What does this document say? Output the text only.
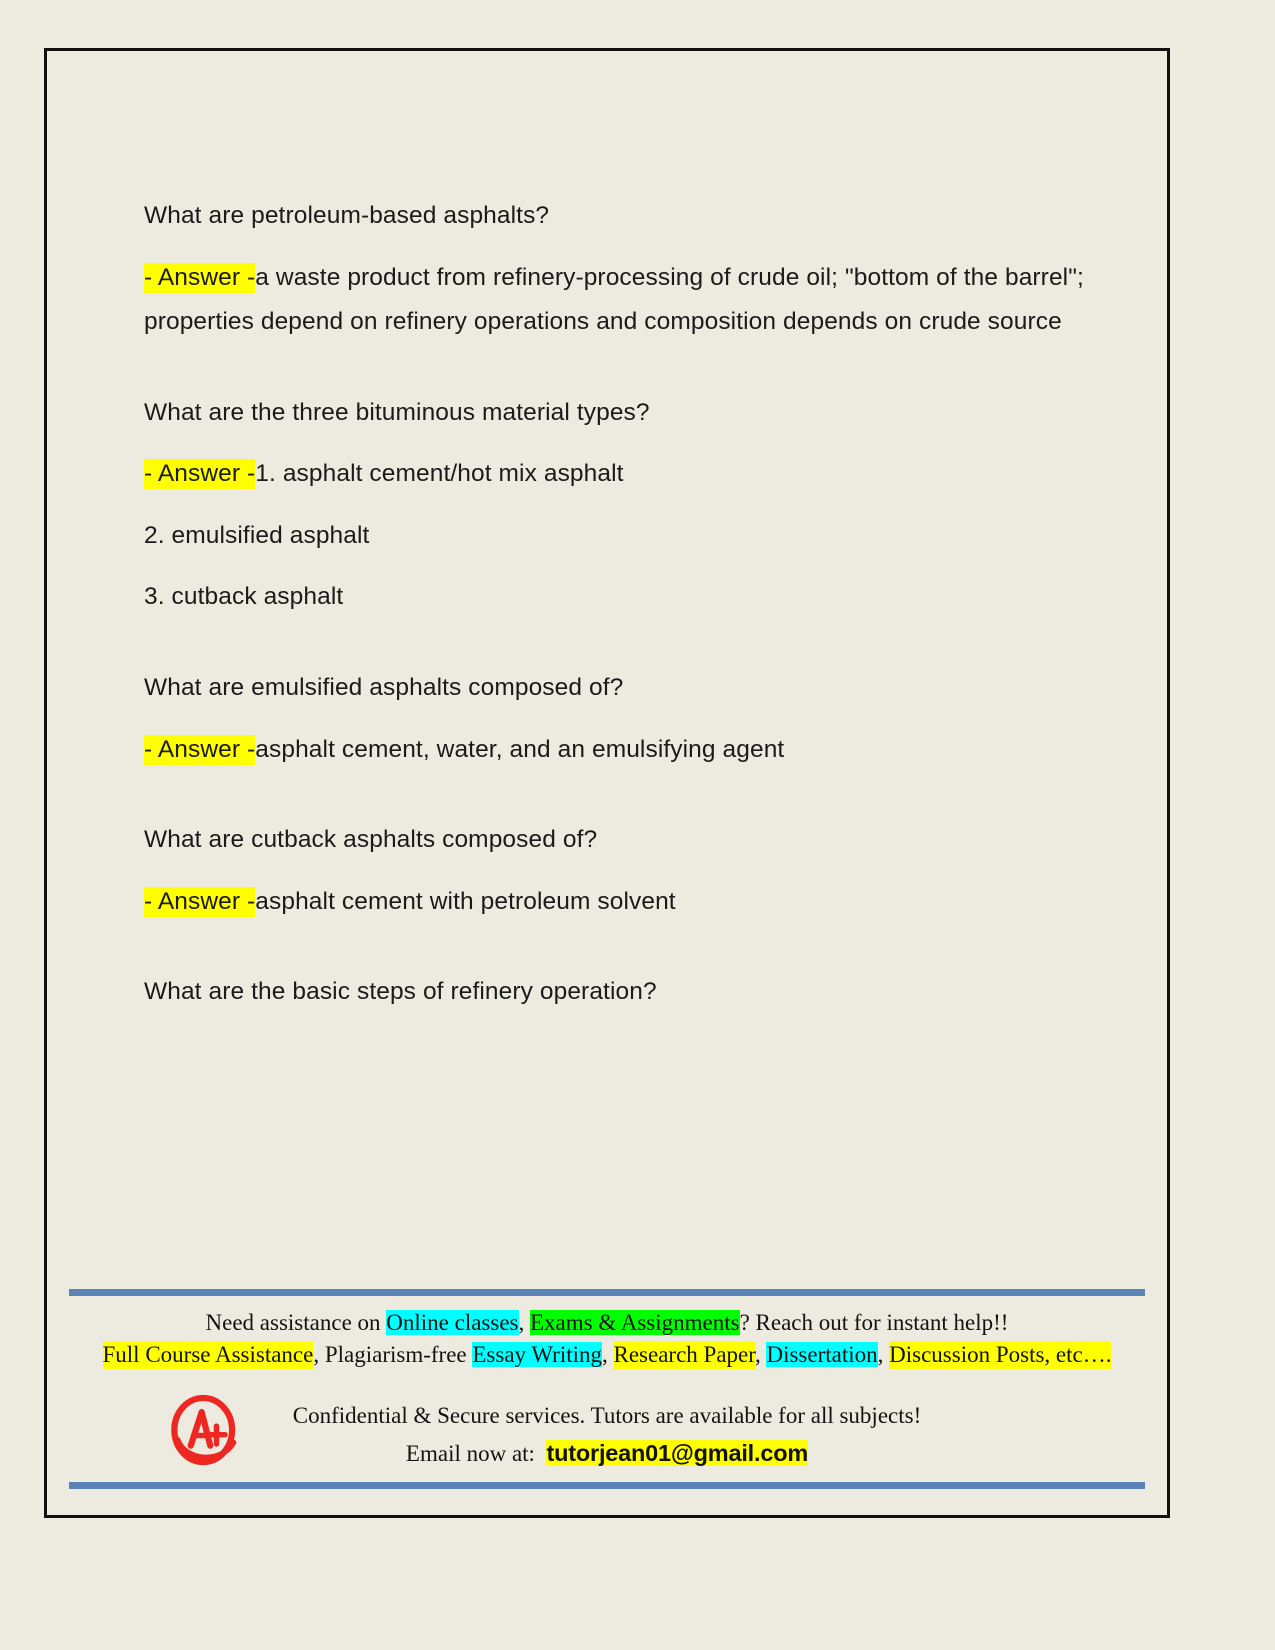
What are petroleum-based asphalts?

- Answer -a waste product from refinery-processing of crude oil; "bottom of the barrel"; properties depend on refinery operations and composition depends on crude source

What are the three bituminous material types?

- Answer -1. asphalt cement/hot mix asphalt

2. emulsified asphalt

3. cutback asphalt

What are emulsified asphalts composed of?

- Answer -asphalt cement, water, and an emulsifying agent

What are cutback asphalts composed of?

- Answer -asphalt cement with petroleum solvent

What are the basic steps of refinery operation?

Need assistance on Online classes, Exams & Assignments? Reach out for instant help!!
Full Course Assistance, Plagiarism-free Essay Writing, Research Paper, Dissertation, Discussion Posts, etc….
Confidential & Secure services. Tutors are available for all subjects!
Email now at: tutorjean01@gmail.com
